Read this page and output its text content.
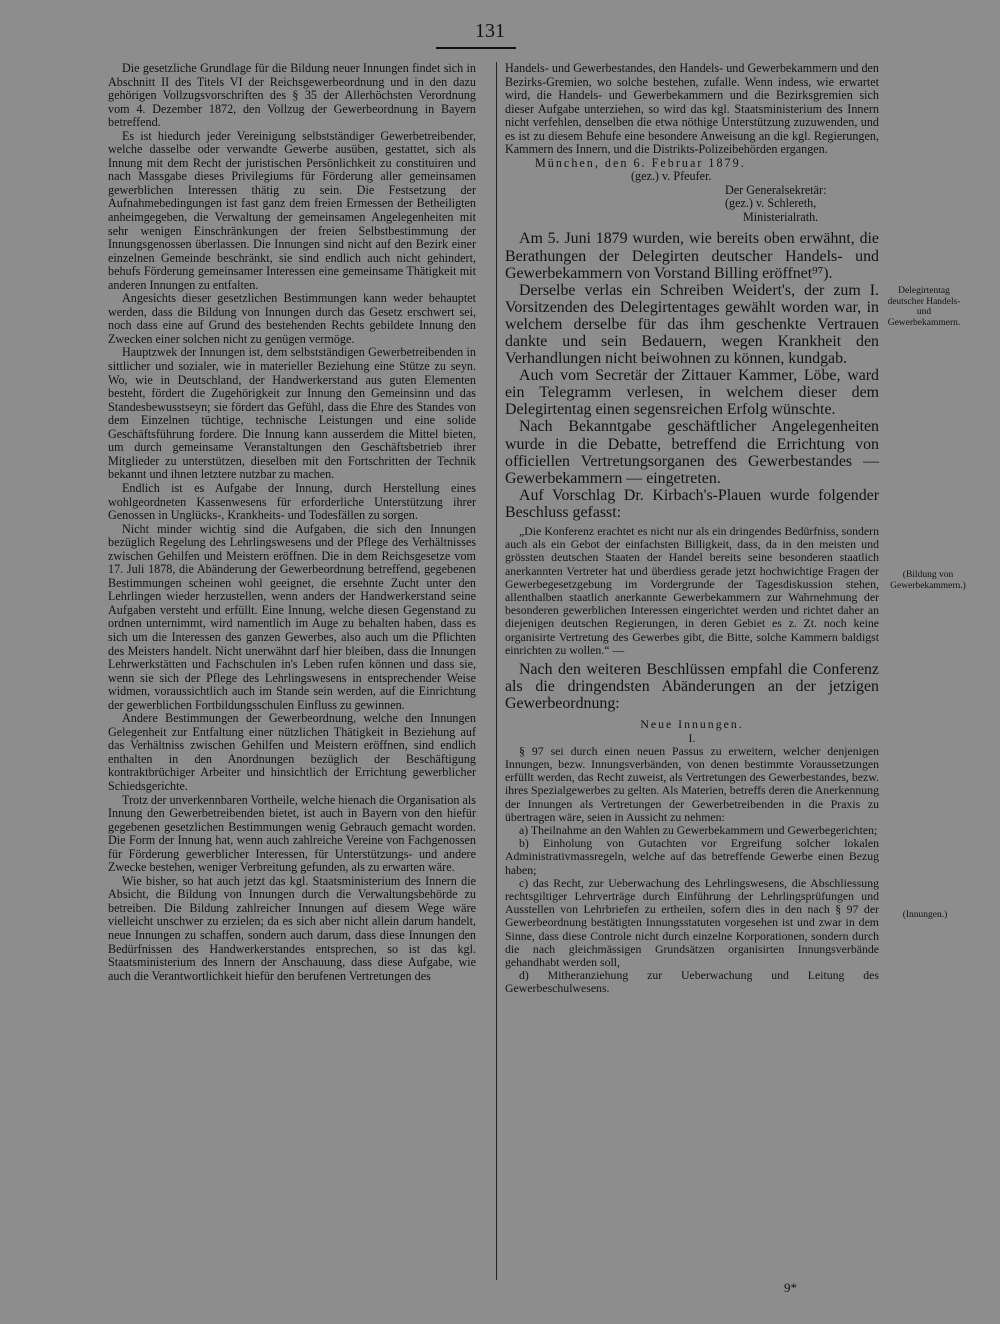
131

Die gesetzliche Grundlage für die Bildung neuer Innungen findet sich in Abschnitt II des Titels VI der Reichsgewerbeordnung und in den dazu gehörigen Vollzugsvorschriften des § 35 der Allerhöchsten Verordnung vom 4. Dezember 1872, den Vollzug der Gewerbeordnung in Bayern betreffend.

Es ist hiedurch jeder Vereinigung selbstständiger Gewerbetreibender, welche dasselbe oder verwandte Gewerbe ausüben, gestattet, sich als Innung mit dem Recht der juristischen Persönlichkeit zu constituiren und nach Massgabe dieses Privilegiums für Förderung aller gemeinsamen gewerblichen Interessen thätig zu sein. Die Festsetzung der Aufnahmebedingungen ist fast ganz dem freien Ermessen der Betheiligten anheimgegeben, die Verwaltung der gemeinsamen Angelegenheiten mit sehr wenigen Einschränkungen der freien Selbstbestimmung der Innungsgenossen überlassen. Die Innungen sind nicht auf den Bezirk einer einzelnen Gemeinde beschränkt, sie sind endlich auch nicht gehindert, behufs Förderung gemeinsamer Interessen eine gemeinsame Thätigkeit mit anderen Innungen zu entfalten.

Angesichts dieser gesetzlichen Bestimmungen kann weder behauptet werden, dass die Bildung von Innungen durch das Gesetz erschwert sei, noch dass eine auf Grund des bestehenden Rechts gebildete Innung den Zwecken einer solchen nicht zu genügen vermöge.

Hauptzwek der Innungen ist, dem selbstständigen Gewerbetreibenden in sittlicher und sozialer, wie in materieller Beziehung eine Stütze zu seyn. Wo, wie in Deutschland, der Handwerkerstand aus guten Elementen besteht, fördert die Zugehörigkeit zur Innung den Gemeinsinn und das Standesbewusstseyn; sie fördert das Gefühl, dass die Ehre des Standes von dem Einzelnen tüchtige, technische Leistungen und eine solide Geschäftsführung fordere. Die Innung kann ausserdem die Mittel bieten, um durch gemeinsame Veranstaltungen den Geschäftsbetrieb ihrer Mitglieder zu unterstützen, dieselben mit den Fortschritten der Technik bekannt und ihnen letztere nutzbar zu machen.

Endlich ist es Aufgabe der Innung, durch Herstellung eines wohlgeordneten Kassenwesens für erforderliche Unterstützung ihrer Genossen in Unglücks-, Krankheits- und Todesfällen zu sorgen.

Nicht minder wichtig sind die Aufgaben, die sich den Innungen bezüglich Regelung des Lehrlingswesens und der Pflege des Verhältnisses zwischen Gehilfen und Meistern eröffnen. Die in dem Reichsgesetze vom 17. Juli 1878, die Abänderung der Gewerbeordnung betreffend, gegebenen Bestimmungen scheinen wohl geeignet, die ersehnte Zucht unter den Lehrlingen wieder herzustellen, wenn anders der Handwerkerstand seine Aufgaben versteht und erfüllt. Eine Innung, welche diesen Gegenstand zu ordnen unternimmt, wird namentlich im Auge zu behalten haben, dass es sich um die Interessen des ganzen Gewerbes, also auch um die Pflichten des Meisters handelt. Nicht unerwähnt darf hier bleiben, dass die Innungen Lehrwerkstätten und Fachschulen in's Leben rufen können und dass sie, wenn sie sich der Pflege des Lehrlingswesens in entsprechender Weise widmen, voraussichtlich auch im Stande sein werden, auf die Einrichtung der gewerblichen Fortbildungsschulen Einfluss zu gewinnen.

Andere Bestimmungen der Gewerbeordnung, welche den Innungen Gelegenheit zur Entfaltung einer nützlichen Thätigkeit in Beziehung auf das Verhältniss zwischen Gehilfen und Meistern eröffnen, sind endlich enthalten in den Anordnungen bezüglich der Beschäftigung kontraktbrüchiger Arbeiter und hinsichtlich der Errichtung gewerblicher Schiedsgerichte.

Trotz der unverkennbaren Vortheile, welche hienach die Organisation als Innung den Gewerbetreibenden bietet, ist auch in Bayern von den hiefür gegebenen gesetzlichen Bestimmungen wenig Gebrauch gemacht worden. Die Form der Innung hat, wenn auch zahlreiche Vereine von Fachgenossen für Förderung gewerblicher Interessen, für Unterstützungs- und andere Zwecke bestehen, weniger Verbreitung gefunden, als zu erwarten wäre.

Wie bisher, so hat auch jetzt das kgl. Staatsministerium des Innern die Absicht, die Bildung von Innungen durch die Verwaltungsbehörde zu betreiben. Die Bildung zahlreicher Innungen auf diesem Wege wäre vielleicht unschwer zu erzielen; da es sich aber nicht allein darum handelt, neue Innungen zu schaffen, sondern auch darum, dass diese Innungen den Bedürfnissen des Handwerkerstandes entsprechen, so ist das kgl. Staatsministerium des Innern der Anschauung, dass diese Aufgabe, wie auch die Verantwortlichkeit hiefür den berufenen Vertretungen des

Handels- und Gewerbestandes, den Handels- und Gewerbekammern und den Bezirks-Gremien, wo solche bestehen, zufalle. Wenn indess, wie erwartet wird, die Handels- und Gewerbekammern und die Bezirksgremien sich dieser Aufgabe unterziehen, so wird das kgl. Staatsministerium des Innern nicht verfehlen, denselben die etwa nöthige Unterstützung zuzuwenden, und es ist zu diesem Behufe eine besondere Anweisung an die kgl. Regierungen, Kammern des Innern, und die Distrikts-Polizeibehörden ergangen.

München, den 6. Februar 1879.

(gez.) v. Pfeufer.

Der Generalsekretär:

(gez.) v. Schlereth,

Ministerialrath.

Am 5. Juni 1879 wurden, wie bereits oben erwähnt, die Berathungen der Delegirten deutscher Handels- und Gewerbekammern von Vorstand Billing eröffnet⁹⁷).

Derselbe verlas ein Schreiben Weidert's, der zum I. Vorsitzenden des Delegirtentages gewählt worden war, in welchem derselbe für das ihm geschenkte Vertrauen dankte und sein Bedauern, wegen Krankheit den Verhandlungen nicht beiwohnen zu können, kundgab.

Auch vom Secretär der Zittauer Kammer, Löbe, ward ein Telegramm verlesen, in welchem dieser dem Delegirtentag einen segensreichen Erfolg wünschte.

Nach Bekanntgabe geschäftlicher Angelegenheiten wurde in die Debatte, betreffend die Errichtung von officiellen Vertretungsorganen des Gewerbestandes — Gewerbekammern — eingetreten.

Auf Vorschlag Dr. Kirbach's-Plauen wurde folgender Beschluss gefasst:

„Die Konferenz erachtet es nicht nur als ein dringendes Bedürfniss, sondern auch als ein Gebot der einfachsten Billigkeit, dass, da in den meisten und grössten deutschen Staaten der Handel bereits seine besonderen staatlich anerkannten Vertreter hat und überdiess gerade jetzt hochwichtige Fragen der Gewerbegesetzgebung im Vordergrunde der Tagesdiskussion stehen, allenthalben staatlich anerkannte Gewerbekammern zur Wahrnehmung der besonderen gewerblichen Interessen eingerichtet werden und richtet daher an diejenigen deutschen Regierungen, in deren Gebiet es z. Zt. noch keine organisirte Vertretung des Gewerbes gibt, die Bitte, solche Kammern baldigst einrichten zu wollen.“ —

Nach den weiteren Beschlüssen empfahl die Conferenz als die dringendsten Abänderungen an der jetzigen Gewerbeordnung:

Neue Innungen.

I.

§ 97 sei durch einen neuen Passus zu erweitern, welcher denjenigen Innungen, bezw. Innungsverbänden, von denen bestimmte Voraussetzungen erfüllt werden, das Recht zuweist, als Vertretungen des Gewerbestandes, bezw. ihres Spezialgewerbes zu gelten. Als Materien, betreffs deren die Anerkennung der Innungen als Vertretungen der Gewerbetreibenden in die Praxis zu übertragen wäre, seien in Aussicht zu nehmen:

a) Theilnahme an den Wahlen zu Gewerbekammern und Gewerbegerichten;

b) Einholung von Gutachten vor Ergreifung solcher lokalen Administrativmassregeln, welche auf das betreffende Gewerbe einen Bezug haben;

c) das Recht, zur Ueberwachung des Lehrlingswesens, die Abschliessung rechtsgiltiger Lehrverträge durch Einführung der Lehrlingsprüfungen und Ausstellen von Lehrbriefen zu ertheilen, sofern dies in den nach § 97 der Gewerbeordnung bestätigten Innungsstatuten vorgesehen ist und zwar in dem Sinne, dass diese Controle nicht durch einzelne Korporationen, sondern durch die nach gleichmässigen Grundsätzen organisirten Innungsverbände gehandhabt werden soll,

d) Mitheranziehung zur Ueberwachung und Leitung des Gewerbeschulwesens.

Delegirtentag deutscher Handels- und Gewerbekammern.
(Bildung von Gewerbekammern.)
(Innungen.)
9*
